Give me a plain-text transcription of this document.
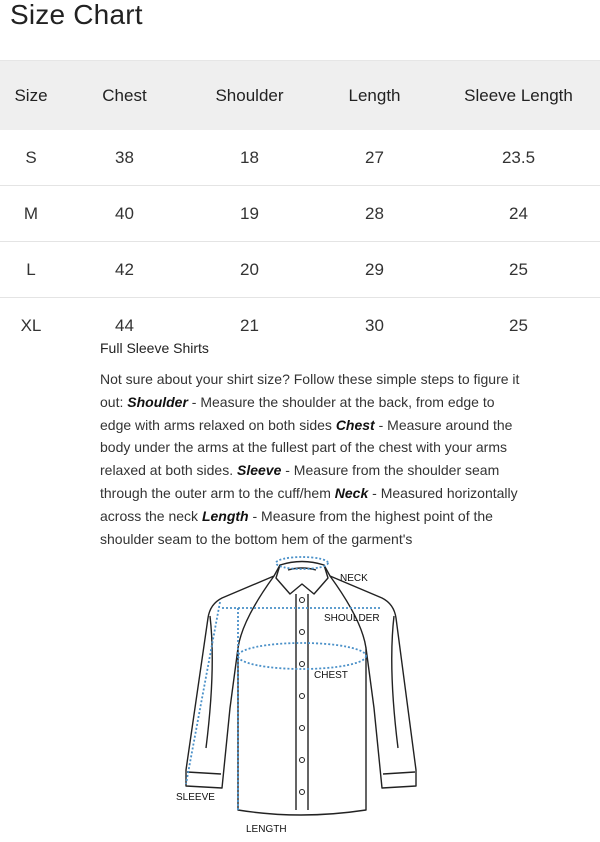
Size Chart
Size	Chest	Shoulder	Length	Sleeve Length
S	38	18	27	23.5
M	40	19	28	24
L	42	20	29	25
XL	44	21	30	25
Full Sleeve Shirts
Not sure about your shirt size? Follow these simple steps to figure it out: Shoulder - Measure the shoulder at the back, from edge to edge with arms relaxed on both sides Chest - Measure around the body under the arms at the fullest part of the chest with your arms relaxed at both sides. Sleeve - Measure from the shoulder seam through the outer arm to the cuff/hem Neck - Measured horizontally across the neck Length - Measure from the highest point of the shoulder seam to the bottom hem of the garment's
NECK
SHOULDER
CHEST
SLEEVE
LENGTH
